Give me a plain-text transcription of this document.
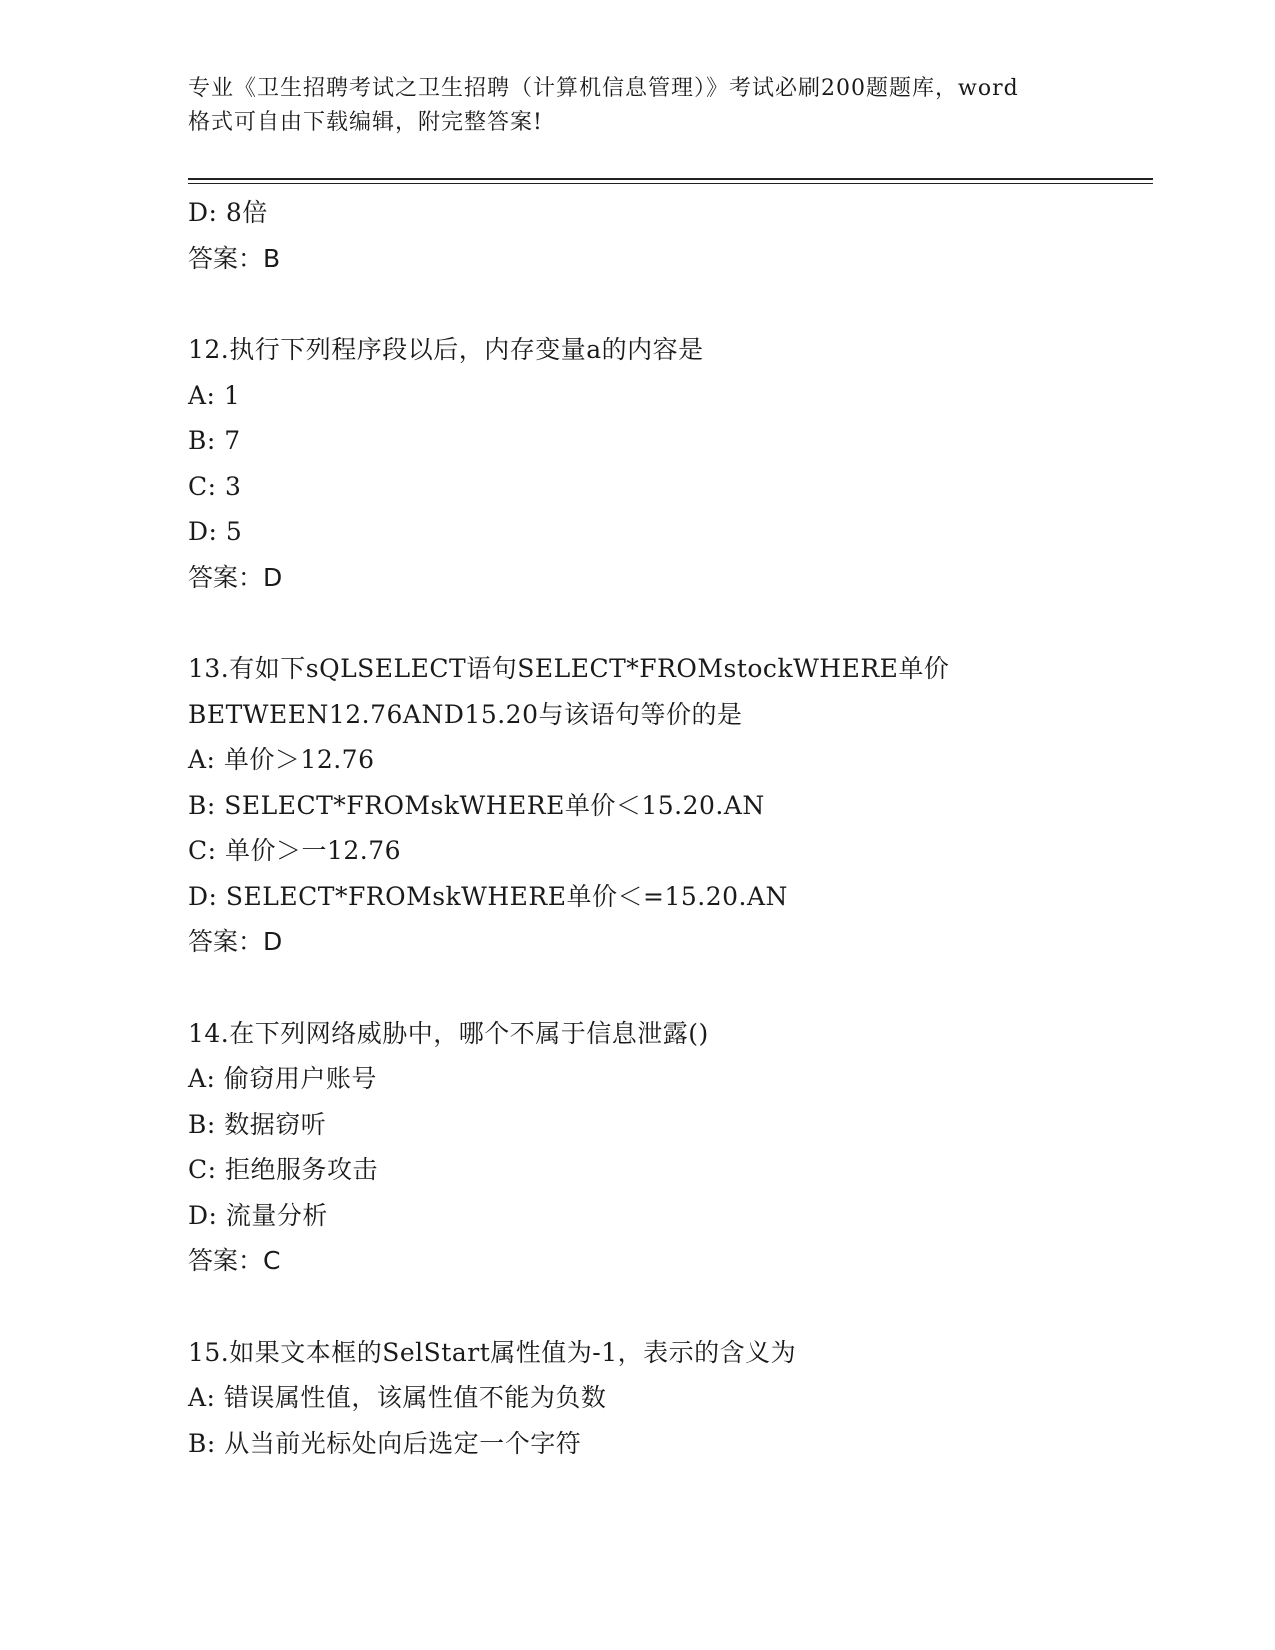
专业《卫生招聘考试之卫生招聘（计算机信息管理）》考试必刷200题题库，word
格式可自由下载编辑，附完整答案!
D: 8倍
答案：B
12.执行下列程序段以后，内存变量a的内容是
A: 1
B: 7
C: 3
D: 5
答案：D
13.有如下sQLSELECT语句SELECT*FROMstockWHERE单价
BETWEEN12.76AND15.20与该语句等价的是
A: 单价＞12.76
B: SELECT*FROMskWHERE单价＜15.20.AN
C: 单价＞一12.76
D: SELECT*FROMskWHERE单价＜=15.20.AN
答案：D
14.在下列网络威胁中，哪个不属于信息泄露()
A: 偷窃用户账号
B: 数据窃听
C: 拒绝服务攻击
D: 流量分析
答案：C
15.如果文本框的SelStart属性值为-1，表示的含义为
A: 错误属性值，该属性值不能为负数
B: 从当前光标处向后选定一个字符
